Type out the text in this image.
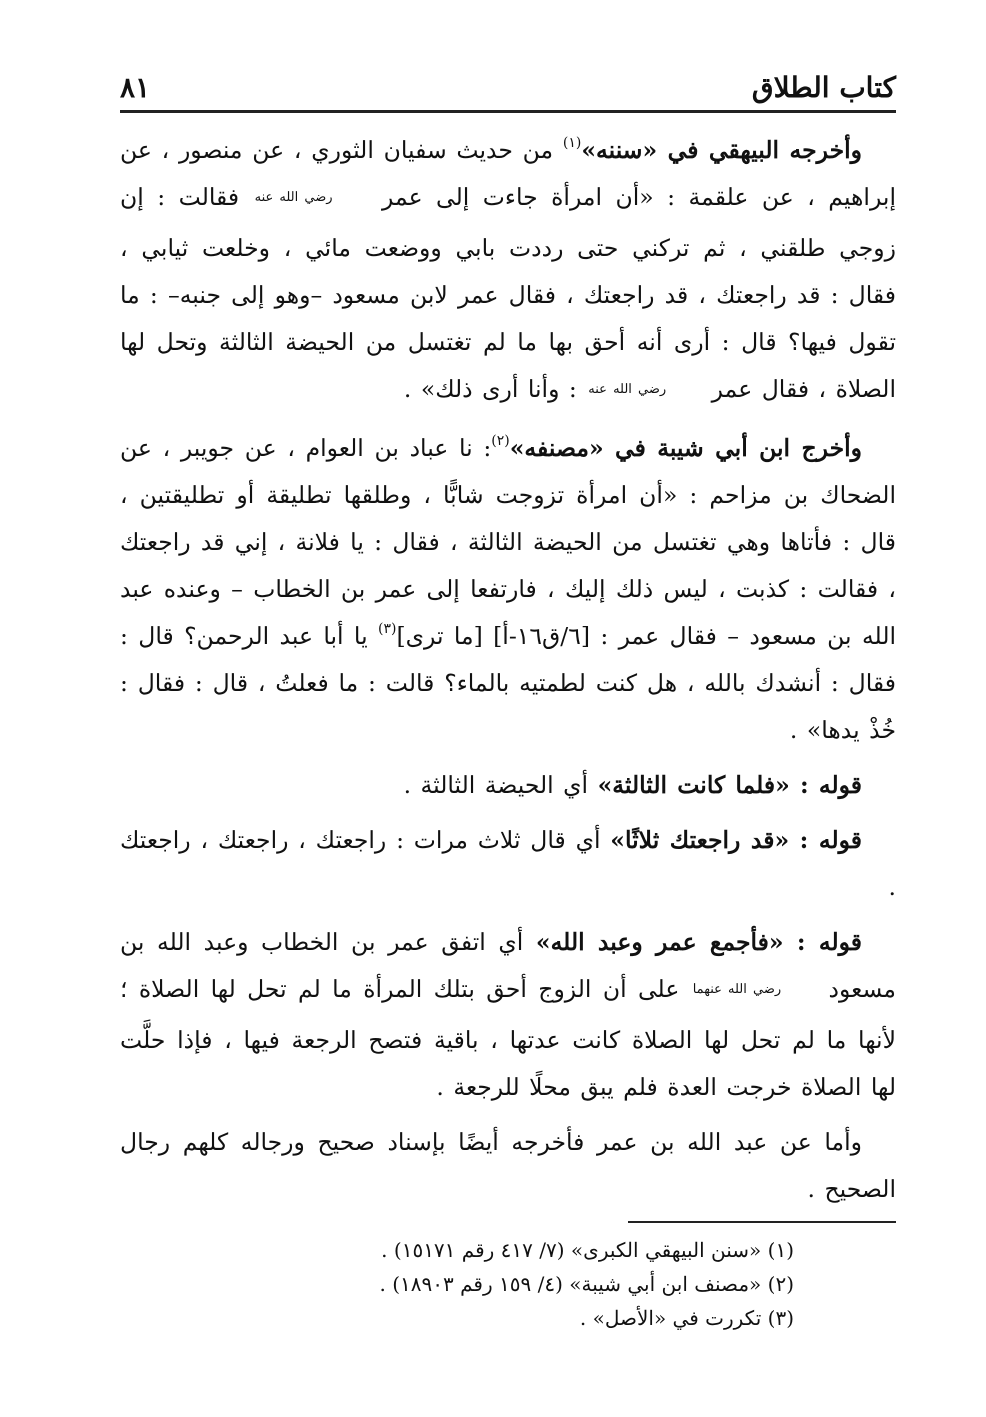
كتاب الطلاق
٨١

وأخرجه البيهقي في «سننه»$^{(١)}$ من حديث سفيان الثوري ، عن منصور ، عن إبراهيم ، عن علقمة : «أن امرأة جاءت إلى عمر رضي الله عنه فقالت : إن زوجي طلقني ، ثم تركني حتى رددت بابي ووضعت مائي ، وخلعت ثيابي ، فقال : قد راجعتك ، قد راجعتك ، فقال عمر لابن مسعود –وهو إلى جنبه– : ما تقول فيها؟ قال : أرى أنه أحق بها ما لم تغتسل من الحيضة الثالثة وتحل لها الصلاة ، فقال عمر رضي الله عنه : وأنا أرى ذلك» .

وأخرج ابن أبي شيبة في «مصنفه»$^{(٢)}$: نا عباد بن العوام ، عن جويبر ، عن الضحاك بن مزاحم : «أن امرأة تزوجت شابًّا ، وطلقها تطليقة أو تطليقتين ، قال : فأتاها وهي تغتسل من الحيضة الثالثة ، فقال : يا فلانة ، إني قد راجعتك ، فقالت : كذبت ، ليس ذلك إليك ، فارتفعا إلى عمر بن الخطاب – وعنده عبد الله بن مسعود – فقال عمر : [٦/ق١٦-أ] [ما ترى]$^{(٣)}$ يا أبا عبد الرحمن؟ قال : فقال : أنشدك بالله ، هل كنت لطمتيه بالماء؟ قالت : ما فعلتُ ، قال : فقال : خُذْ يدها» .

قوله : «فلما كانت الثالثة» أي الحيضة الثالثة .

قوله : «قد راجعتك ثلاثًا» أي قال ثلاث مرات : راجعتك ، راجعتك ، راجعتك .

قوله : «فأجمع عمر وعبد الله» أي اتفق عمر بن الخطاب وعبد الله بن مسعود رضي الله عنهما على أن الزوج أحق بتلك المرأة ما لم تحل لها الصلاة ؛ لأنها ما لم تحل لها الصلاة كانت عدتها ، باقية فتصح الرجعة فيها ، فإذا حلَّت لها الصلاة خرجت العدة فلم يبق محلًا للرجعة .

وأما عن عبد الله بن عمر فأخرجه أيضًا بإسناد صحيح ورجاله كلهم رجال الصحيح .

(١) «سنن البيهقي الكبرى» (٧/ ٤١٧ رقم ١٥١٧١) .

(٢) «مصنف ابن أبي شيبة» (٤/ ١٥٩ رقم ١٨٩٠٣) .

(٣) تكررت في «الأصل» .
